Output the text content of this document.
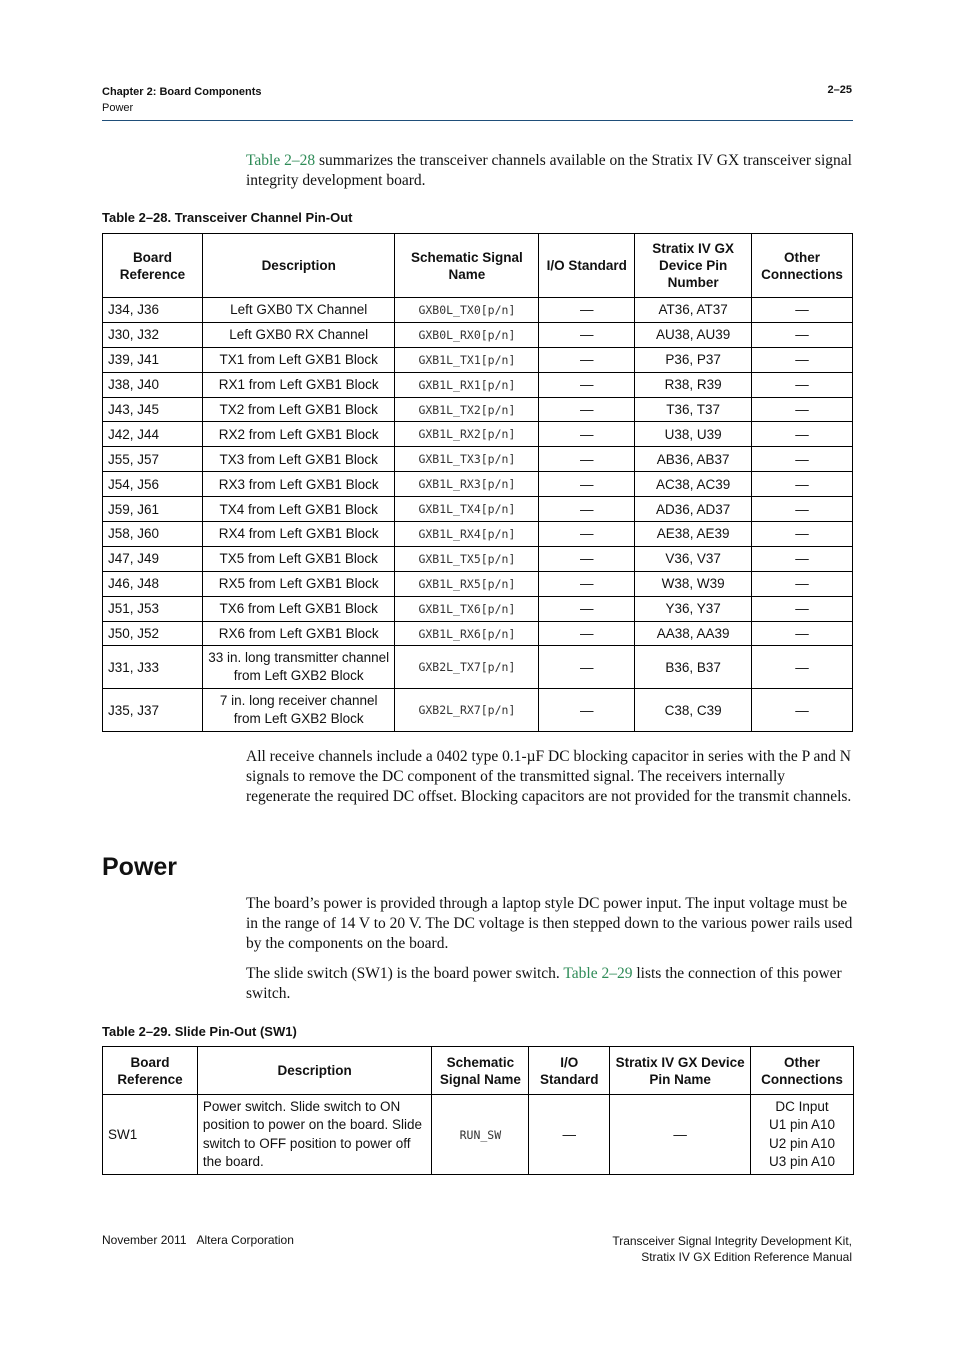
Chapter 2: Board Components
Power
2–25
Table 2–28 summarizes the transceiver channels available on the Stratix IV GX transceiver signal integrity development board.
Table 2–28. Transceiver Channel Pin-Out
Board Reference	Description	Schematic Signal Name	I/O Standard	Stratix IV GX Device Pin Number	Other Connections
J34, J36	Left GXB0 TX Channel	GXB0L_TX0[p/n]	—	AT36, AT37	—
J30, J32	Left GXB0 RX Channel	GXB0L_RX0[p/n]	—	AU38, AU39	—
J39, J41	TX1 from Left GXB1 Block	GXB1L_TX1[p/n]	—	P36, P37	—
J38, J40	RX1 from Left GXB1 Block	GXB1L_RX1[p/n]	—	R38, R39	—
J43, J45	TX2 from Left GXB1 Block	GXB1L_TX2[p/n]	—	T36, T37	—
J42, J44	RX2 from Left GXB1 Block	GXB1L_RX2[p/n]	—	U38, U39	—
J55, J57	TX3 from Left GXB1 Block	GXB1L_TX3[p/n]	—	AB36, AB37	—
J54, J56	RX3 from Left GXB1 Block	GXB1L_RX3[p/n]	—	AC38, AC39	—
J59, J61	TX4 from Left GXB1 Block	GXB1L_TX4[p/n]	—	AD36, AD37	—
J58, J60	RX4 from Left GXB1 Block	GXB1L_RX4[p/n]	—	AE38, AE39	—
J47, J49	TX5 from Left GXB1 Block	GXB1L_TX5[p/n]	—	V36, V37	—
J46, J48	RX5 from Left GXB1 Block	GXB1L_RX5[p/n]	—	W38, W39	—
J51, J53	TX6 from Left GXB1 Block	GXB1L_TX6[p/n]	—	Y36, Y37	—
J50, J52	RX6 from Left GXB1 Block	GXB1L_RX6[p/n]	—	AA38, AA39	—
J31, J33	33 in. long transmitter channel from Left GXB2 Block	GXB2L_TX7[p/n]	—	B36, B37	—
J35, J37	7 in. long receiver channel from Left GXB2 Block	GXB2L_RX7[p/n]	—	C38, C39	—
All receive channels include a 0402 type 0.1-µF DC blocking capacitor in series with the P and N signals to remove the DC component of the transmitted signal. The receivers internally regenerate the required DC offset. Blocking capacitors are not provided for the transmit channels.
Power
The board’s power is provided through a laptop style DC power input. The input voltage must be in the range of 14 V to 20 V. The DC voltage is then stepped down to the various power rails used by the components on the board.
The slide switch (SW1) is the board power switch. Table 2–29 lists the connection of this power switch.
Table 2–29. Slide Pin-Out (SW1)
Board Reference	Description	Schematic Signal Name	I/O Standard	Stratix IV GX Device Pin Name	Other Connections
SW1	Power switch. Slide switch to ON position to power on the board. Slide switch to OFF position to power off the board.	RUN_SW	—	—	DC Input
U1 pin A10
U2 pin A10
U3 pin A10
November 2011 Altera Corporation	Transceiver Signal Integrity Development Kit,
Stratix IV GX Edition Reference Manual
